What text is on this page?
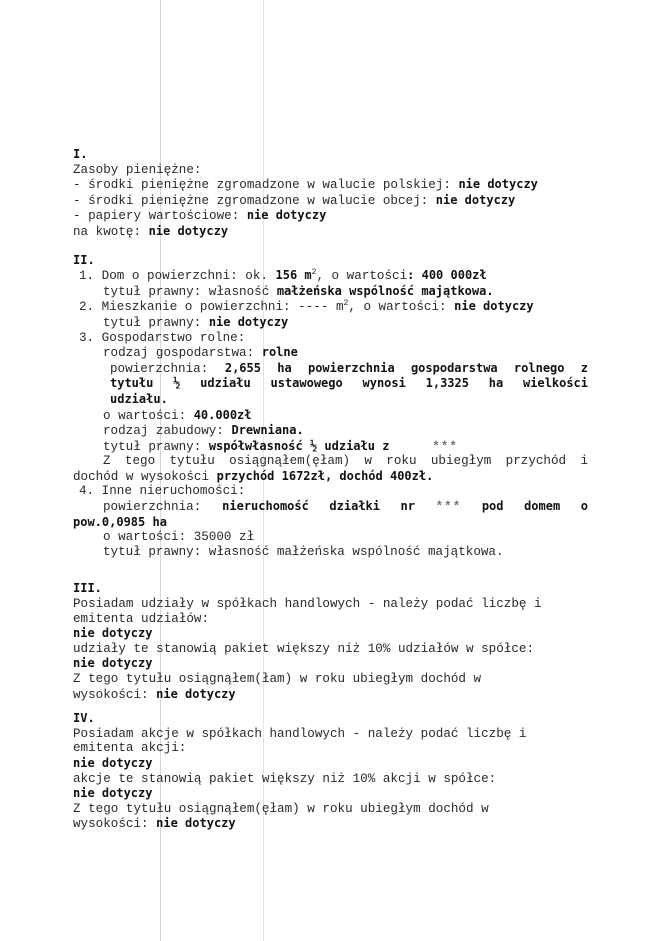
I.
Zasoby pieniężne:
- środki pieniężne zgromadzone w walucie polskiej: nie dotyczy
- środki pieniężne zgromadzone w walucie obcej: nie dotyczy
- papiery wartościowe: nie dotyczy
na kwotę: nie dotyczy
II.
1. Dom o powierzchni: ok. 156 $m^2$, o wartości: 400 000zł
tytuł prawny: własność małżeńska wspólność majątkowa.
2. Mieszkanie o powierzchni: ---- $m^2$, o wartości: nie dotyczy
tytuł prawny: nie dotyczy
3. Gospodarstwo rolne:
rodzaj gospodarstwa: rolne
powierzchnia: 2,655 ha powierzchnia gospodarstwa rolnego z
tytułu ½ udziału ustawowego wynosi 1,3325 ha wielkości
udziału.
o wartości: 40.000zł
rodzaj zabudowy: Drewniana.
tytuł prawny: współwłasność ½ udziału z     ***
Z tego tytułu osiągnąłem(ęłam) w roku ubiegłym przychód i
dochód w wysokości przychód 1672zł, dochód 400zł.
4. Inne nieruchomości:
powierzchnia: nieruchomość działki nr *** pod domem o
pow.0,0985 ha
o wartości: 35000 zł
tytuł prawny: własność małżeńska wspólność majątkowa.
III.
Posiadam udziały w spółkach handlowych - należy podać liczbę i
emitenta udziałów:
nie dotyczy
udziały te stanowią pakiet większy niż 10% udziałów w spółce:
nie dotyczy
Z tego tytułu osiągnąłem(łam) w roku ubiegłym dochód w
wysokości: nie dotyczy
IV.
Posiadam akcje w spółkach handlowych - należy podać liczbę i
emitenta akcji:
nie dotyczy
akcje te stanowią pakiet większy niż 10% akcji w spółce:
nie dotyczy
Z tego tytułu osiągnąłem(ęłam) w roku ubiegłym dochód w
wysokości: nie dotyczy
